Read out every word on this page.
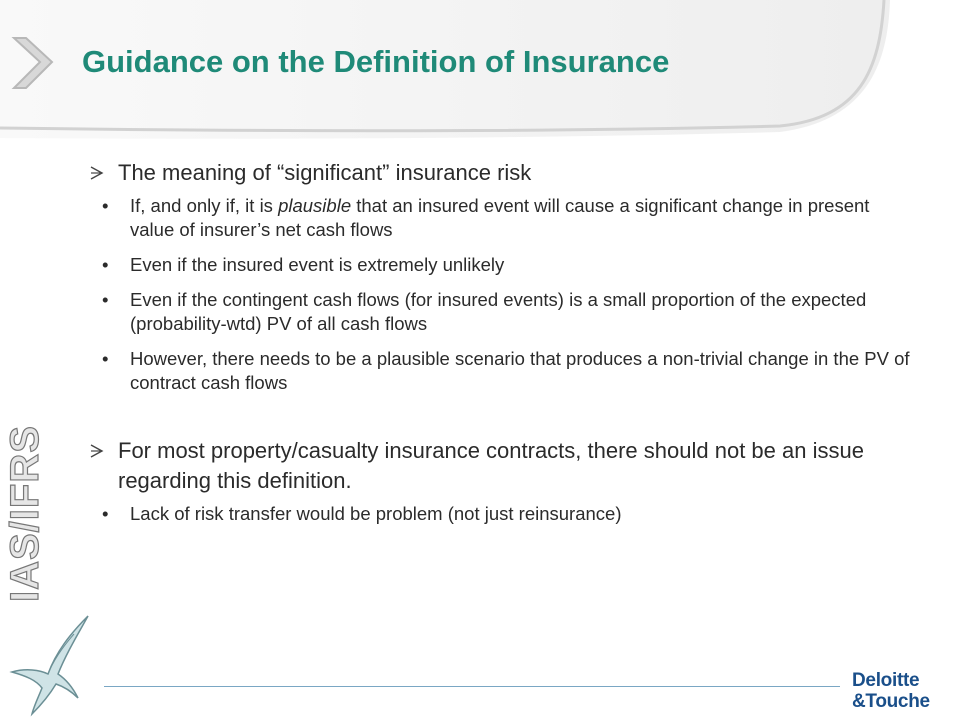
Guidance on the Definition of Insurance
The meaning of “significant” insurance risk
• If, and only if, it is plausible that an insured event will cause a significant change in present value of insurer’s net cash flows
• Even if the insured event is extremely unlikely
• Even if the contingent cash flows (for insured events) is a small proportion of the expected (probability-wtd) PV of all cash flows
• However, there needs to be a plausible scenario that produces a non-trivial change in the PV of contract cash flows
For most property/casualty insurance contracts, there should not be an issue regarding this definition.
• Lack of risk transfer would be problem (not just reinsurance)
IAS/IFRS
Deloitte
&Touche
